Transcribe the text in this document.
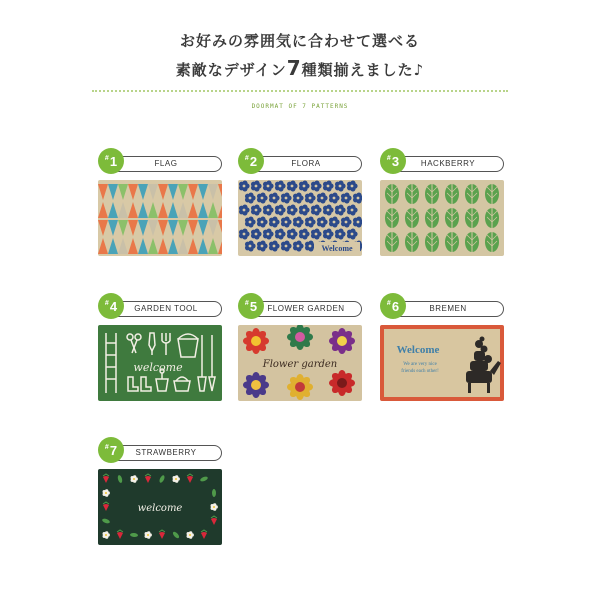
お好みの雰囲気に合わせて選べる
素敵なデザイン7種類揃えました♪
DOORMAT OF 7 PATTERNS
# 1	FLAG
# 2	FLORA
Welcome
# 3	HACKBERRY
# 4	GARDEN TOOL
welcome
# 5	FLOWER GARDEN
Flower garden
# 6	BREMEN
Welcome
We are very nice
friends each other!
# 7	STRAWBERRY
welcome
